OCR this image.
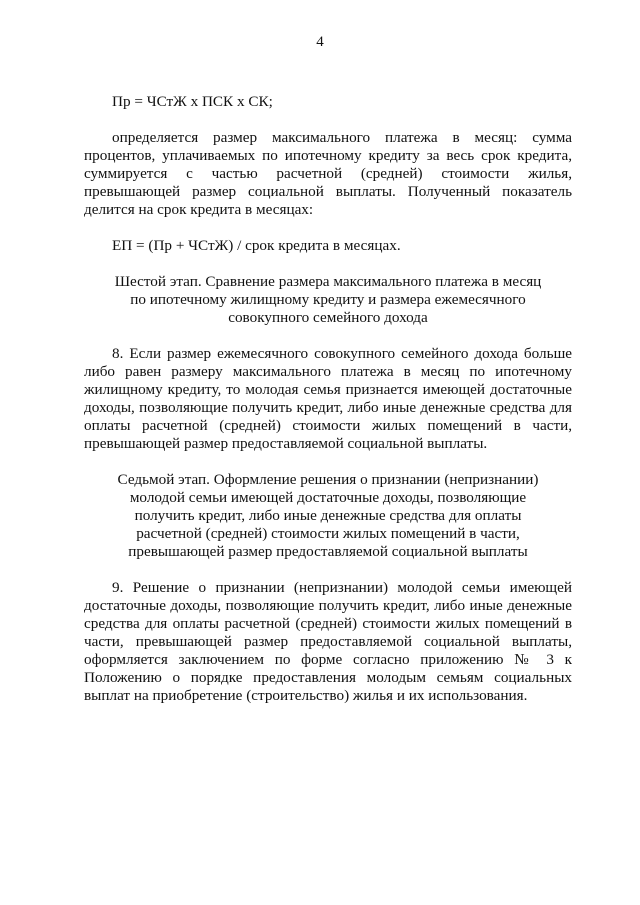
4

Пр = ЧСтЖ х ПСК х СК;

определяется размер максимального платежа в месяц: сумма процентов, уплачиваемых по ипотечному кредиту за весь срок кредита, суммируется с частью расчетной (средней) стоимости жилья, превышающей размер социальной выплаты. Полученный показатель делится на срок кредита в месяцах:

ЕП = (Пр + ЧСтЖ) / срок кредита в месяцах.

Шестой этап. Сравнение размера максимального платежа в месяц
по ипотечному жилищному кредиту и размера ежемесячного
совокупного семейного дохода

8. Если размер ежемесячного совокупного семейного дохода больше либо равен размеру максимального платежа в месяц по ипотечному жилищному кредиту, то молодая семья признается имеющей достаточные доходы, позволяющие получить кредит, либо иные денежные средства для оплаты расчетной (средней) стоимости жилых помещений в части, превышающей размер предоставляемой социальной выплаты.

Седьмой этап. Оформление решения о признании (непризнании)
молодой семьи имеющей достаточные доходы, позволяющие
получить кредит, либо иные денежные средства для оплаты
расчетной (средней) стоимости жилых помещений в части,
превышающей размер предоставляемой социальной выплаты

9. Решение о признании (непризнании) молодой семьи имеющей достаточные доходы, позволяющие получить кредит, либо иные денежные средства для оплаты расчетной (средней) стоимости жилых помещений в части, превышающей размер предоставляемой социальной выплаты, оформляется заключением по форме согласно приложению № 3 к Положению о порядке предоставления молодым семьям социальных выплат на приобретение (строительство) жилья и их использования.
